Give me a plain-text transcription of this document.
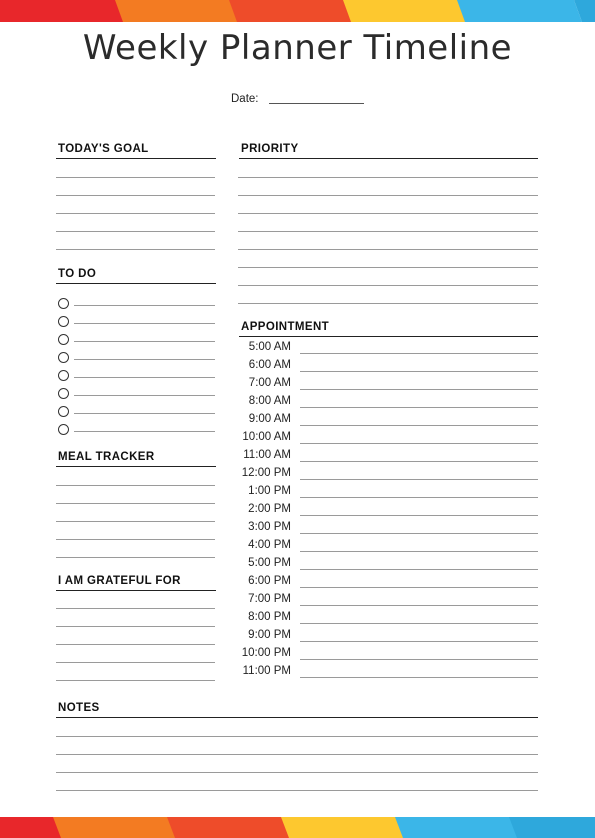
Weekly Planner Timeline
Date:
TODAY'S GOAL
TO DO
MEAL TRACKER
I AM GRATEFUL FOR
PRIORITY
APPOINTMENT
5:00 AM
6:00 AM
7:00 AM
8:00 AM
9:00 AM
10:00 AM
11:00 AM
12:00 PM
1:00 PM
2:00 PM
3:00 PM
4:00 PM
5:00 PM
6:00 PM
7:00 PM
8:00 PM
9:00 PM
10:00 PM
11:00 PM
NOTES
